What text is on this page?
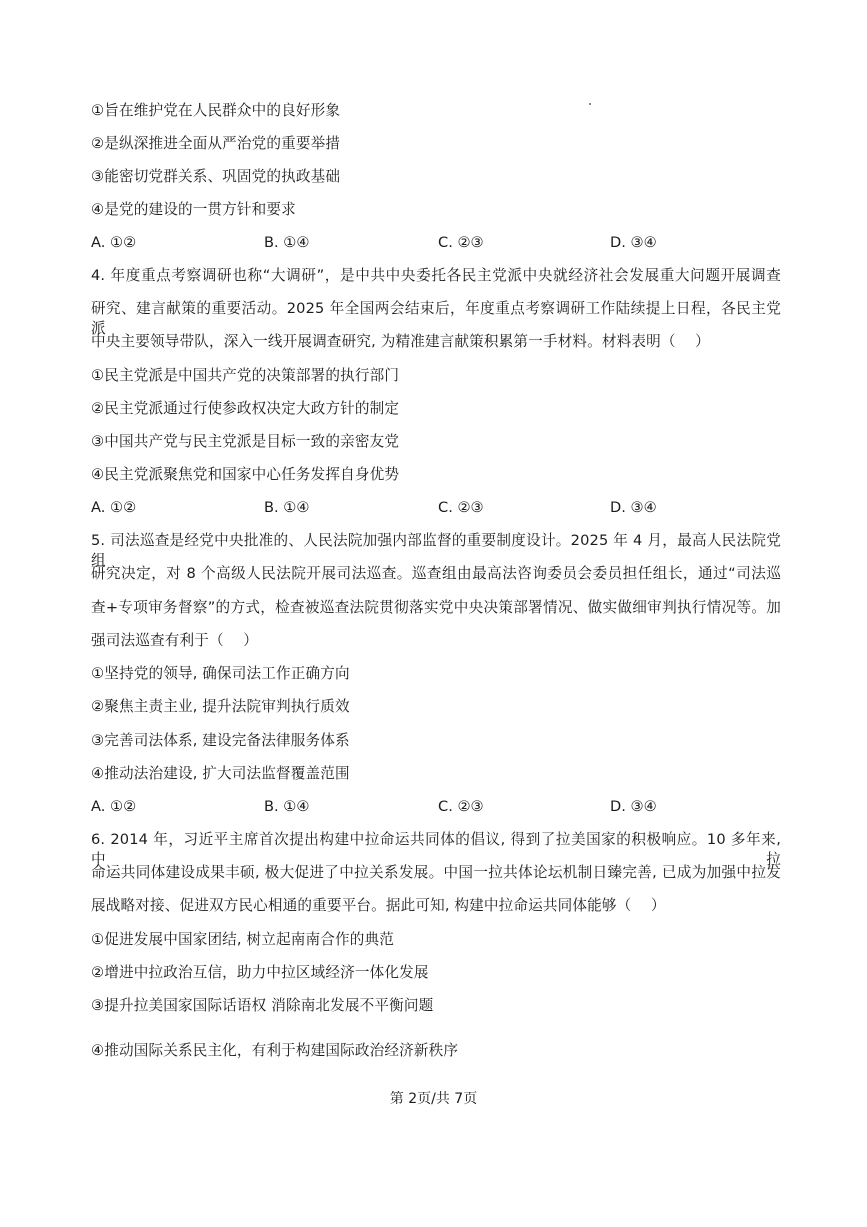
①旨在维护党在人民群众中的良好形象
②是纵深推进全面从严治党的重要举措
③能密切党群关系、巩固党的执政基础
④是党的建设的一贯方针和要求
A. ①②	B. ①④	C. ②③	D. ③④
4. 年度重点考察调研也称“大调研”，是中共中央委托各民主党派中央就经济社会发展重大问题开展调查
研究、建言献策的重要活动。2025 年全国两会结束后，年度重点考察调研工作陆续提上日程，各民主党派
中央主要领导带队，深入一线开展调查研究, 为精准建言献策积累第一手材料。材料表明（　 ）
①民主党派是中国共产党的决策部署的执行部门
②民主党派通过行使参政权决定大政方针的制定
③中国共产党与民主党派是目标一致的亲密友党
④民主党派聚焦党和国家中心任务发挥自身优势
A. ①②	B. ①④	C. ②③	D. ③④
5. 司法巡查是经党中央批准的、人民法院加强内部监督的重要制度设计。2025 年 4 月，最高人民法院党组
研究决定，对 8 个高级人民法院开展司法巡查。巡查组由最高法咨询委员会委员担任组长，通过“司法巡
查+专项审务督察”的方式，检查被巡查法院贯彻落实党中央决策部署情况、做实做细审判执行情况等。加
强司法巡查有利于（　 ）
①坚持党的领导, 确保司法工作正确方向
②聚焦主责主业, 提升法院审判执行质效
③完善司法体系, 建设完备法律服务体系
④推动法治建设, 扩大司法监督覆盖范围
A. ①②	B. ①④	C. ②③	D. ③④
6. 2014 年，习近平主席首次提出构建中拉命运共同体的倡议, 得到了拉美国家的积极响应。10 多年来, 中拉
命运共同体建设成果丰硕, 极大促进了中拉关系发展。中国一拉共体论坛机制日臻完善, 已成为加强中拉发
展战略对接、促进双方民心相通的重要平台。据此可知, 构建中拉命运共同体能够（　 ）
①促进发展中国家团结, 树立起南南合作的典范
②增进中拉政治互信，助力中拉区域经济一体化发展
③提升拉美国家国际话语权 消除南北发展不平衡问题
④推动国际关系民主化，有利于构建国际政治经济新秩序
第 2页/共 7页
